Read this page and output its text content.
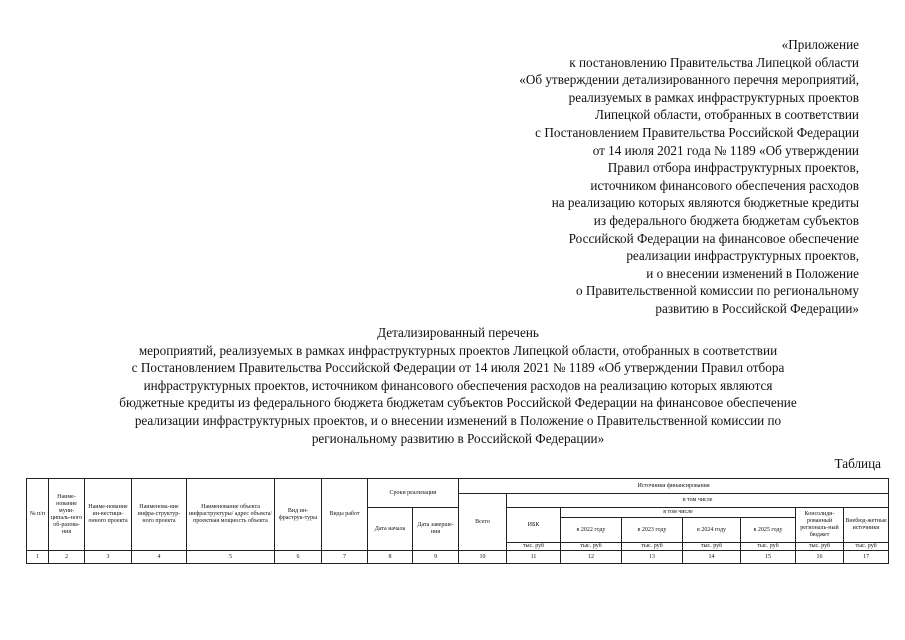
«Приложение
к постановлению Правительства Липецкой области
«Об утверждении детализированного перечня мероприятий,
реализуемых в рамках инфраструктурных проектов
Липецкой области, отобранных в соответствии
с Постановлением Правительства Российской Федерации
от 14 июля 2021 года № 1189 «Об утверждении
Правил отбора инфраструктурных проектов,
источником финансового обеспечения расходов
на реализацию которых являются бюджетные кредиты
из федерального бюджета бюджетам субъектов
Российской Федерации на финансовое обеспечение
реализации инфраструктурных проектов,
и о внесении изменений в Положение
о Правительственной комиссии по региональному
развитию в Российской Федерации»
Детализированный перечень
мероприятий, реализуемых в рамках инфраструктурных проектов Липецкой области, отобранных в соответствии
с Постановлением Правительства Российской Федерации от 14 июля 2021 № 1189 «Об утверждении Правил отбора
инфраструктурных проектов, источником финансового обеспечения расходов на реализацию которых являются
бюджетные кредиты из федерального бюджета бюджетам субъектов Российской Федерации на финансовое обеспечение
реализации инфраструктурных проектов, и о внесении изменений в Положение о Правительственной комиссии по
региональному развитию в Российской Федерации»
Таблица
№ п/п	Наиме-нование муни-ципаль-ного об-разова-ния	Наиме-нование ин-вестици-онного проекта	Наименова-ние инфра-структур-ного проекта	Наименование объекта инфраструктуры/ адрес объекта/ проектная мощность объекта	Вид ин-фраструк-туры	Виды работ	Сроки реализации		Источники финансирования							
									Всего	в том числе						
							Дата начала	Дата заверше-ния		ИБК	в том числе				Консолиди-рованный региональ-ный бюджет	Внебюд-жетные источники
											в 2022 году	в 2023 году	в 2024 году	в 2025 году		
										тыс. руб	тыс. руб	тыс. руб	тыс. руб	тыс. руб	тыс. руб	тыс. руб
1	2	3	4	5	6	7	8	9	10	11	12	13	14	15	16	17
